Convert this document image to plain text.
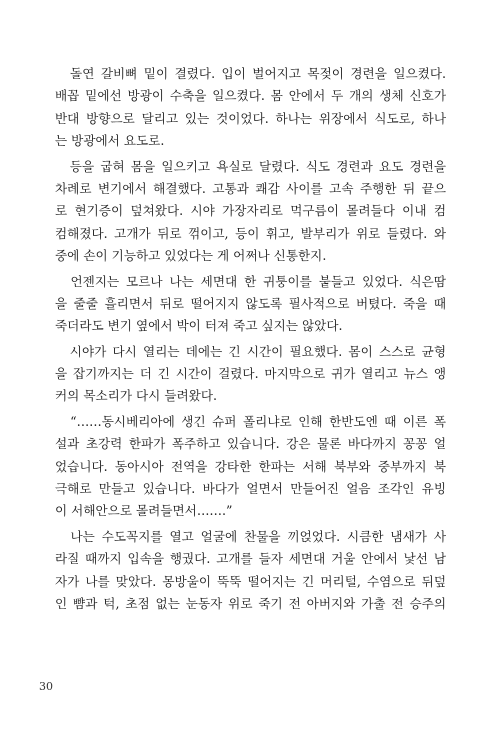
　돌연 갈비뼈 밑이 결렸다. 입이 벌어지고 목젖이 경련을 일으켰다.
배꼽 밑에선 방광이 수축을 일으켰다. 몸 안에서 두 개의 생체 신호가
반대 방향으로 달리고 있는 것이었다. 하나는 위장에서 식도로, 하나
는 방광에서 요도로.

　등을 굽혀 몸을 일으키고 욕실로 달렸다. 식도 경련과 요도 경련을
차례로 변기에서 해결했다. 고통과 쾌감 사이를 고속 주행한 뒤 끝으
로 현기증이 덮쳐왔다. 시야 가장자리로 먹구름이 몰려들다 이내 컴
컴해졌다. 고개가 뒤로 꺾이고, 등이 휘고, 발부리가 위로 들렸다. 와
중에 손이 기능하고 있었다는 게 어쩌나 신통한지.

　언젠지는 모르나 나는 세면대 한 귀퉁이를 붙들고 있었다. 식은땀
을 줄줄 흘리면서 뒤로 떨어지지 않도록 필사적으로 버텼다. 죽을 때
죽더라도 변기 옆에서 박이 터져 죽고 싶지는 않았다.

　시야가 다시 열리는 데에는 긴 시간이 필요했다. 몸이 스스로 균형
을 잡기까지는 더 긴 시간이 걸렸다. 마지막으로 귀가 열리고 뉴스 앵
커의 목소리가 다시 들려왔다.

　“……동시베리아에 생긴 슈퍼 폴리냐로 인해 한반도엔 때 이른 폭
설과 초강력 한파가 폭주하고 있습니다. 강은 물론 바다까지 꽁꽁 얼
었습니다. 동아시아 전역을 강타한 한파는 서해 북부와 중부까지 북
극해로 만들고 있습니다. 바다가 얼면서 만들어진 얼음 조각인 유빙
이 서해안으로 몰려들면서…….”

　나는 수도꼭지를 열고 얼굴에 찬물을 끼얹었다. 시큼한 냄새가 사
라질 때까지 입속을 행궜다. 고개를 들자 세면대 거울 안에서 낯선 남
자가 나를 맞았다. 몽방울이 뚝뚝 떨어지는 긴 머리털, 수염으로 뒤덮
인 뺨과 턱, 초점 없는 눈동자 위로 죽기 전 아버지와 가출 전 승주의

30
